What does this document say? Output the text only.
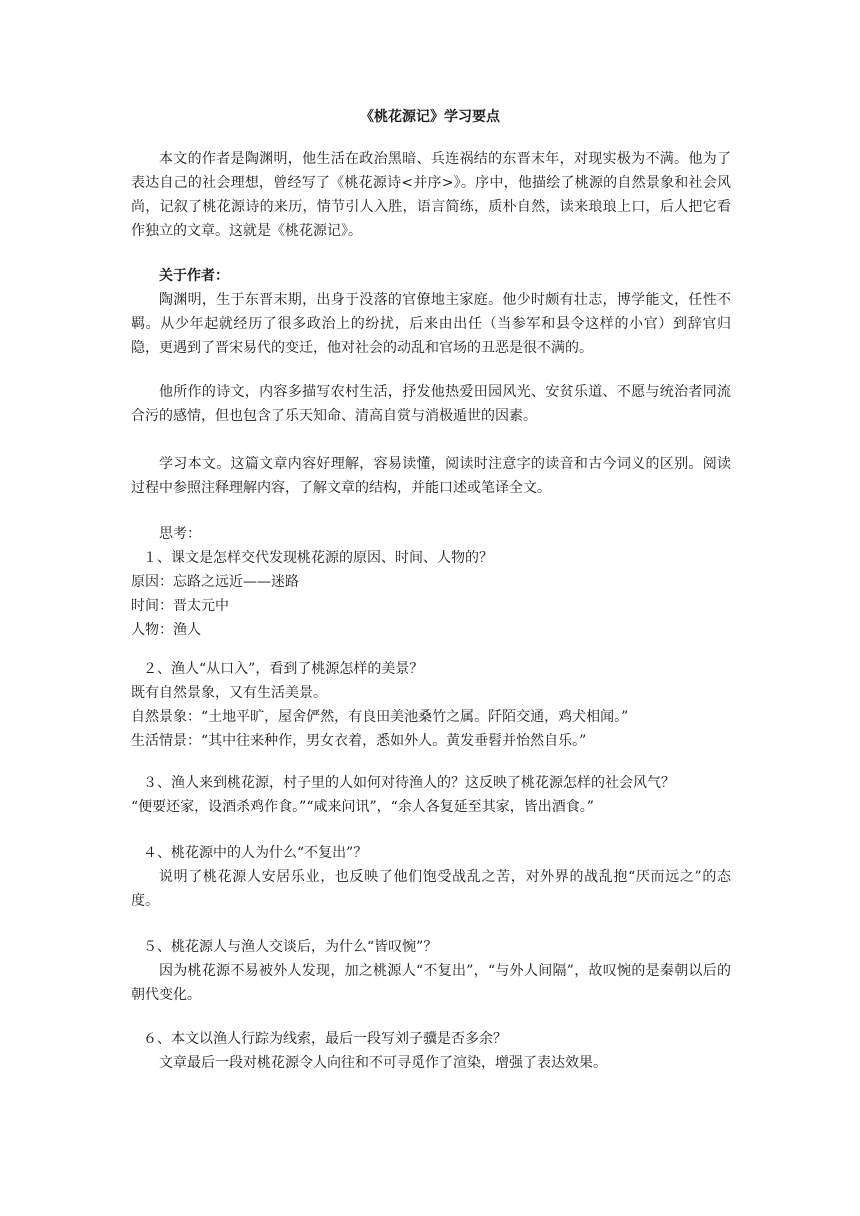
《桃花源记》学习要点

本文的作者是陶渊明，他生活在政治黑暗、兵连祸结的东晋末年，对现实极为不满。他为了表达自己的社会理想，曾经写了《桃花源诗<并序>》。序中，他描绘了桃源的自然景象和社会风尚，记叙了桃花源诗的来历，情节引人入胜，语言简练，质朴自然，读来琅琅上口，后人把它看作独立的文章。这就是《桃花源记》。

关于作者：

陶渊明，生于东晋末期，出身于没落的官僚地主家庭。他少时颇有壮志，博学能文，任性不羁。从少年起就经历了很多政治上的纷扰，后来由出任（当参军和县令这样的小官）到辞官归隐，更遇到了晋宋易代的变迁，他对社会的动乱和官场的丑恶是很不满的。

他所作的诗文，内容多描写农村生活，抒发他热爱田园风光、安贫乐道、不愿与统治者同流合污的感情，但也包含了乐天知命、清高自赏与消极遁世的因素。

学习本文。这篇文章内容好理解，容易读懂，阅读时注意字的读音和古今词义的区别。阅读过程中参照注释理解内容，了解文章的结构，并能口述或笔译全文。

思考：

１、课文是怎样交代发现桃花源的原因、时间、人物的？

原因：忘路之远近——迷路

时间：晋太元中

人物：渔人

２、渔人“从口入”，看到了桃源怎样的美景？

既有自然景象，又有生活美景。

自然景象：“土地平旷，屋舍俨然，有良田美池桑竹之属。阡陌交通，鸡犬相闻。”

生活情景：“其中往来种作，男女衣着，悉如外人。黄发垂髫并怡然自乐。”

３、渔人来到桃花源，村子里的人如何对待渔人的？这反映了桃花源怎样的社会风气？

“便要还家，设酒杀鸡作食。”“咸来问讯”，“余人各复延至其家，皆出酒食。”

４、桃花源中的人为什么“不复出”？

说明了桃花源人安居乐业，也反映了他们饱受战乱之苦，对外界的战乱抱“厌而远之”的态度。

５、桃花源人与渔人交谈后，为什么“皆叹惋”？

因为桃花源不易被外人发现，加之桃源人“不复出”，“与外人间隔”，故叹惋的是秦朝以后的朝代变化。

６、本文以渔人行踪为线索，最后一段写刘子骥是否多余？

文章最后一段对桃花源令人向往和不可寻觅作了渲染，增强了表达效果。
